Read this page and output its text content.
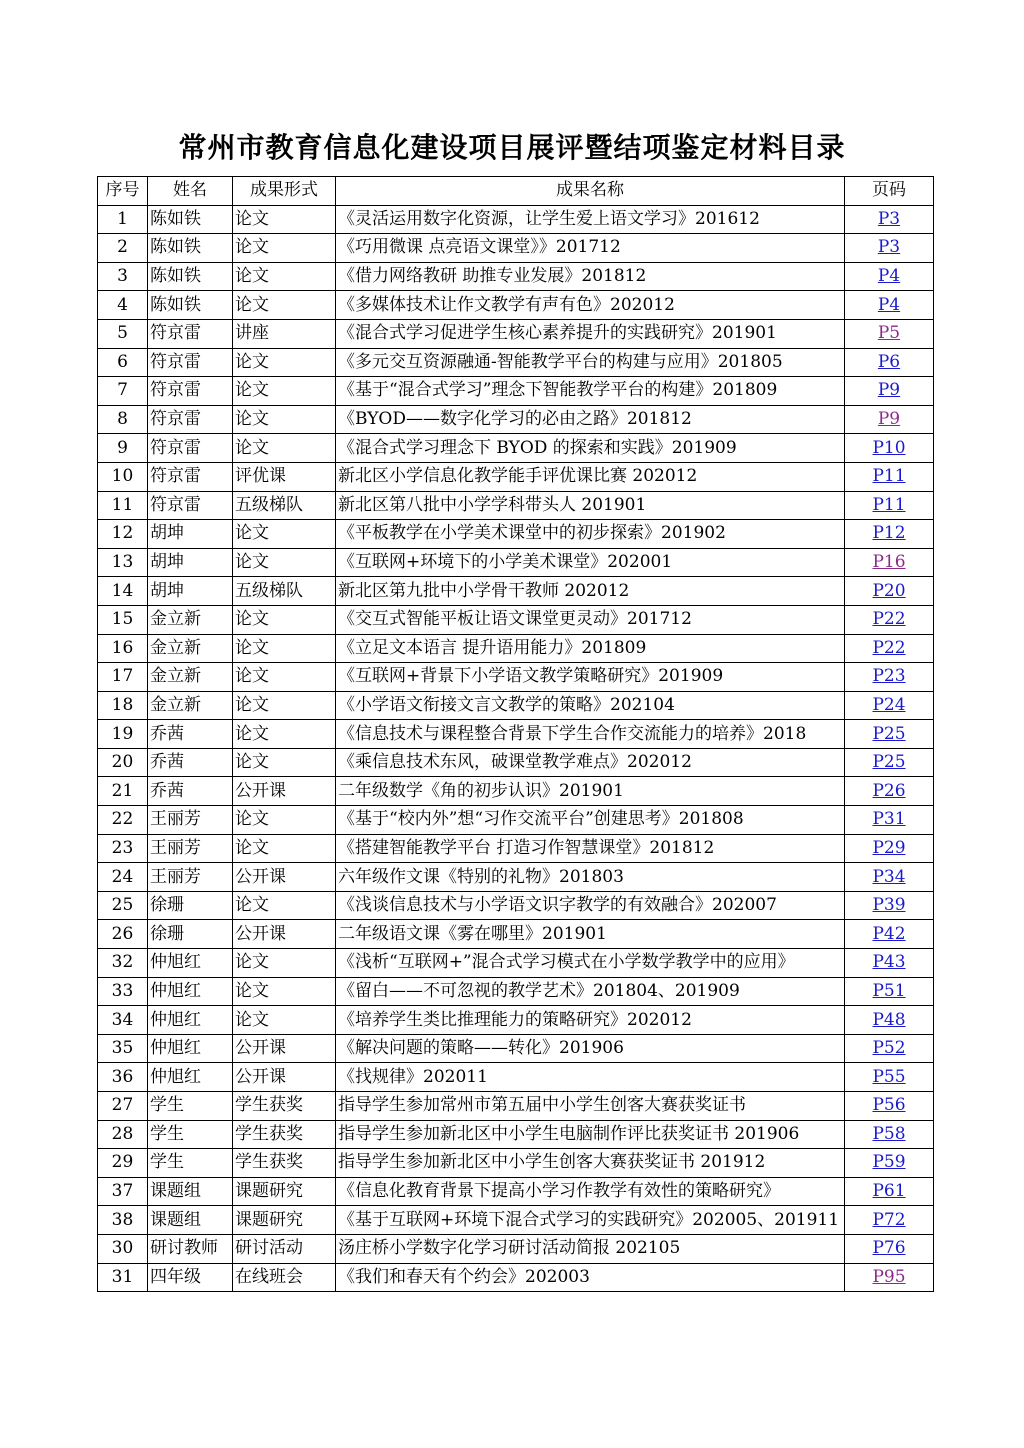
常州市教育信息化建设项目展评暨结项鉴定材料目录
序号	姓名	成果形式	成果名称	页码
1	陈如铁	论文	《灵活运用数字化资源，让学生爱上语文学习》201612	P3
2	陈如铁	论文	《巧用微课 点亮语文课堂》》201712	P3
3	陈如铁	论文	《借力网络教研 助推专业发展》201812	P4
4	陈如铁	论文	《多媒体技术让作文教学有声有色》202012	P4
5	符京雷	讲座	《混合式学习促进学生核心素养提升的实践研究》201901	P5
6	符京雷	论文	《多元交互资源融通-智能教学平台的构建与应用》201805	P6
7	符京雷	论文	《基于“混合式学习”理念下智能教学平台的构建》201809	P9
8	符京雷	论文	《BYOD——数字化学习的必由之路》201812	P9
9	符京雷	论文	《混合式学习理念下 BYOD 的探索和实践》201909	P10
10	符京雷	评优课	新北区小学信息化教学能手评优课比赛 202012	P11
11	符京雷	五级梯队	新北区第八批中小学学科带头人 201901	P11
12	胡坤	论文	《平板教学在小学美术课堂中的初步探索》201902	P12
13	胡坤	论文	《互联网+环境下的小学美术课堂》202001	P16
14	胡坤	五级梯队	新北区第九批中小学骨干教师 202012	P20
15	金立新	论文	《交互式智能平板让语文课堂更灵动》201712	P22
16	金立新	论文	《立足文本语言 提升语用能力》201809	P22
17	金立新	论文	《互联网+背景下小学语文教学策略研究》201909	P23
18	金立新	论文	《小学语文衔接文言文教学的策略》202104	P24
19	乔茜	论文	《信息技术与课程整合背景下学生合作交流能力的培养》2018	P25
20	乔茜	论文	《乘信息技术东风，破课堂教学难点》202012	P25
21	乔茜	公开课	二年级数学《角的初步认识》201901	P26
22	王丽芳	论文	《基于“校内外”想“习作交流平台”创建思考》201808	P31
23	王丽芳	论文	《搭建智能教学平台 打造习作智慧课堂》201812	P29
24	王丽芳	公开课	六年级作文课《特别的礼物》201803	P34
25	徐珊	论文	《浅谈信息技术与小学语文识字教学的有效融合》202007	P39
26	徐珊	公开课	二年级语文课《雾在哪里》201901	P42
32	仲旭红	论文	《浅析“互联网+”混合式学习模式在小学数学教学中的应用》	P43
33	仲旭红	论文	《留白——不可忽视的教学艺术》201804、201909	P51
34	仲旭红	论文	《培养学生类比推理能力的策略研究》202012	P48
35	仲旭红	公开课	《解决问题的策略——转化》201906	P52
36	仲旭红	公开课	《找规律》202011	P55
27	学生	学生获奖	指导学生参加常州市第五届中小学生创客大赛获奖证书	P56
28	学生	学生获奖	指导学生参加新北区中小学生电脑制作评比获奖证书 201906	P58
29	学生	学生获奖	指导学生参加新北区中小学生创客大赛获奖证书 201912	P59
37	课题组	课题研究	《信息化教育背景下提高小学习作教学有效性的策略研究》	P61
38	课题组	课题研究	《基于互联网+环境下混合式学习的实践研究》202005、201911	P72
30	研讨教师	研讨活动	汤庄桥小学数字化学习研讨活动简报 202105	P76
31	四年级	在线班会	《我们和春天有个约会》202003	P95
